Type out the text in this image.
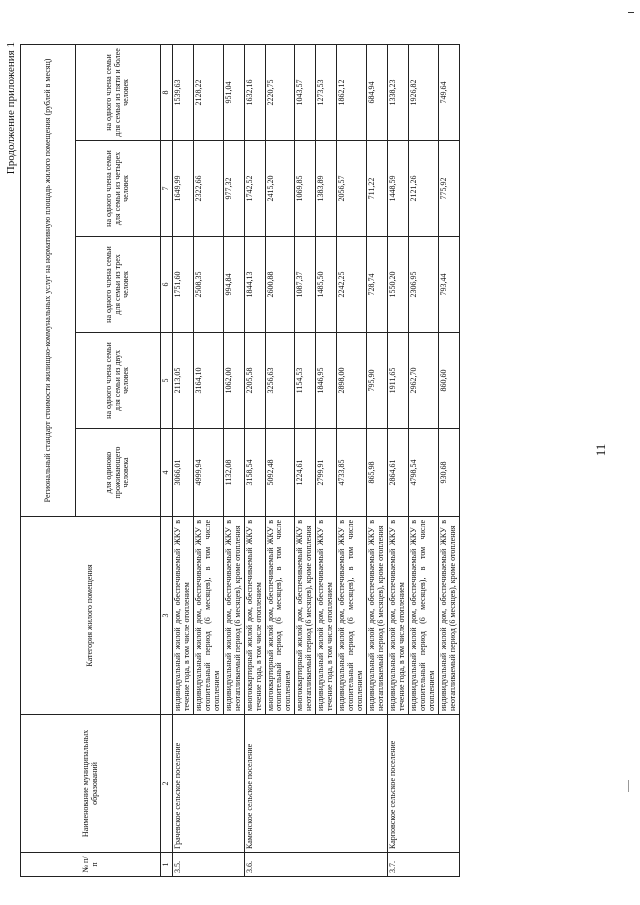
11
Продолжение приложения 1
№ п/п	Наименование муниципальных образований	Категория жилого помещения	Региональный стандарт стоимости жилищно-коммунальных услуг на нормативную площадь жилого помещения (рублей в месяц)				
			для одиноко проживающего человека	на одного члена семьи для семьи из двух человек	на одного члена семьи для семьи из трех человек	на одного члена семьи для семьи из четырех человек	на одного члена семьи для семьи из пяти и более человек
1	2	3	4	5	6	7	8
3.5.	Грачевское сельское поселение	индивидуальный жилой дом, обеспечиваемый ЖКУ в течение года, в том числе отоплением	3066,01	2113,05	1751,60	1649,99	1539,63
		индивидуальный жилой дом, обеспечиваемый ЖКУ в отопительный период (6 месяцев), в том числе отоплением	4999,94	3164,10	2508,35	2322,66	2128,22
		индивидуальный жилой дом, обеспечиваемый ЖКУ в неотапливаемый период (6 месяцев), кроме отопления	1132,08	1062,00	994,84	977,32	951,04
3.6.	Каменское сельское поселение	многоквартирный жилой дом, обеспечиваемый ЖКУ в течение года, в том числе отоплением	3158,54	2205,58	1844,13	1742,52	1632,16
		многоквартирный жилой дом, обеспечиваемый ЖКУ в отопительный период (6 месяцев), в том числе отоплением	5092,48	3256,63	2600,88	2415,20	2220,75
		многоквартирный жилой дом, обеспечиваемый ЖКУ в неотапливаемый период (6 месяцев), кроме отопления	1224,61	1154,53	1087,37	1069,85	1043,57
		индивидуальный жилой дом, обеспечиваемый ЖКУ в течение года, в том числе отоплением	2799,91	1846,95	1485,50	1383,89	1273,53
		индивидуальный жилой дом, обеспечиваемый ЖКУ в отопительный период (6 месяцев), в том числе отоплением	4733,85	2898,00	2242,25	2056,57	1862,12
		индивидуальный жилой дом, обеспечиваемый ЖКУ в неотапливаемый период (6 месяцев), кроме отопления	865,98	795,90	728,74	711,22	684,94
3.7.	Карповское сельское поселение	индивидуальный жилой дом, обеспечиваемый ЖКУ в течение года, в том числе отоплением	2864,61	1911,65	1550,20	1448,59	1338,23
		индивидуальный жилой дом, обеспечиваемый ЖКУ в отопительный период (6 месяцев), в том числе отоплением	4798,54	2962,70	2306,95	2121,26	1926,82
		индивидуальный жилой дом, обеспечиваемый ЖКУ в неотапливаемый период (6 месяцев), кроме отопления	930,68	860,60	793,44	775,92	749,64
